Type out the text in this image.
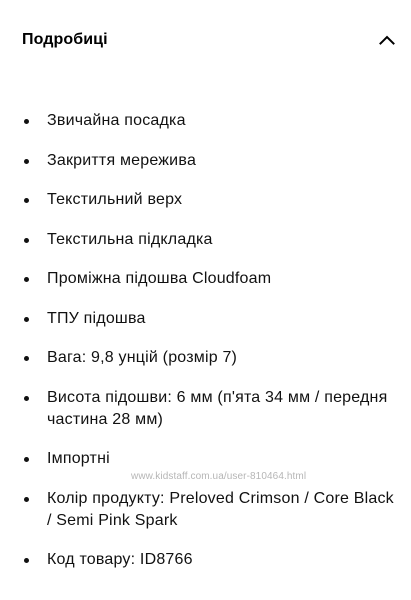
Подробиці
Звичайна посадка
Закриття мереживa
Текстильний верх
Текстильна підкладка
Проміжна підошва Cloudfoam
ТПУ підошва
Вага: 9,8 унцій (розмір 7)
Висота підошви: 6 мм (п'ята 34 мм / передня частина 28 мм)
Імпортні
Колір продукту: Preloved Crimson / Core Black / Semi Pink Spark
Код товару: ID8766
www.kidstaff.com.ua/user-810464.html
